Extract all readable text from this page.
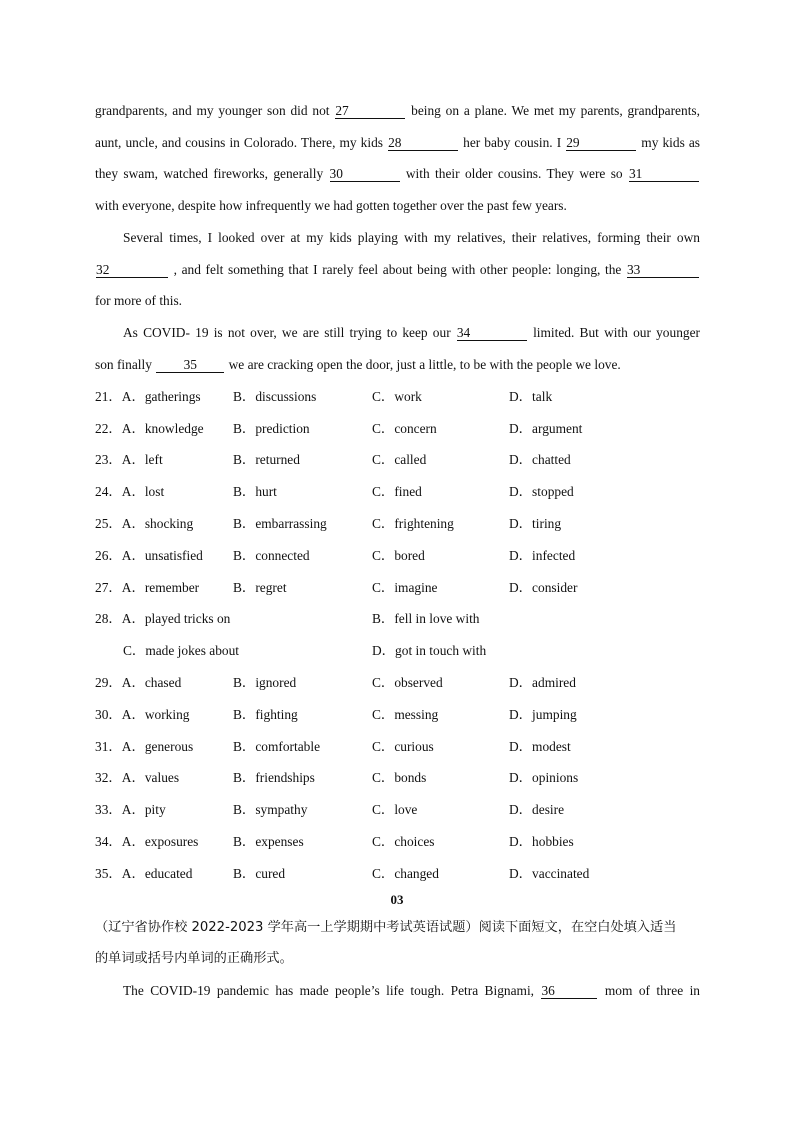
grandparents, and my younger son did not 27	being on a plane. We met my parents, grandparents,
aunt, uncle, and cousins in Colorado. There, my kids 28	her baby cousin. I 29	my kids as
they swam, watched fireworks, generally 30	with their older cousins. They were so 31
with everyone, despite how infrequently we had gotten together over the past few years.
Several times, I looked over at my kids playing with my relatives, their relatives, forming their own
32	, and felt something that I rarely feel about being with other people: longing, the 33
for more of this.
As COVID- 19 is not over, we are still trying to keep our 34	limited. But with our younger
son finally 35 we are cracking open the door, just a little, to be with the people we love.
21．A．gatherings B．discussions	C．work	D．talk
22．A．knowledge B．prediction	C．concern	D．argument
23．A．left	B．returned	C．called	D．chatted
24．A．lost	B．hurt	C．fined	D．stopped
25．A．shocking	B．embarrassing	C．frightening	D．tiring
26．A．unsatisfied B．connected	C．bored	D．infected
27．A．remember	B．regret	C．imagine	D．consider
28．A．played tricks on	B．fell in love with
C．made jokes about	D．got in touch with
29．A．chased	B．ignored	C．observed	D．admired
30．A．working	B．fighting	C．messing	D．jumping
31．A．generous	B．comfortable	C．curious	D．modest
32．A．values	B．friendships	C．bonds	D．opinions
33．A．pity	B．sympathy	C．love	D．desire
34．A．exposures	B．expenses	C．choices	D．hobbies
35．A．educated	B．cured	C．changed	D．vaccinated
03
（辽宁省协作校 2022-2023 学年高一上学期期中考试英语试题）阅读下面短文，在空白处填入适当
的单词或括号内单词的正确形式。
The COVID-19 pandemic has made people’s life tough. Petra Bignami, 36	mom of three in
